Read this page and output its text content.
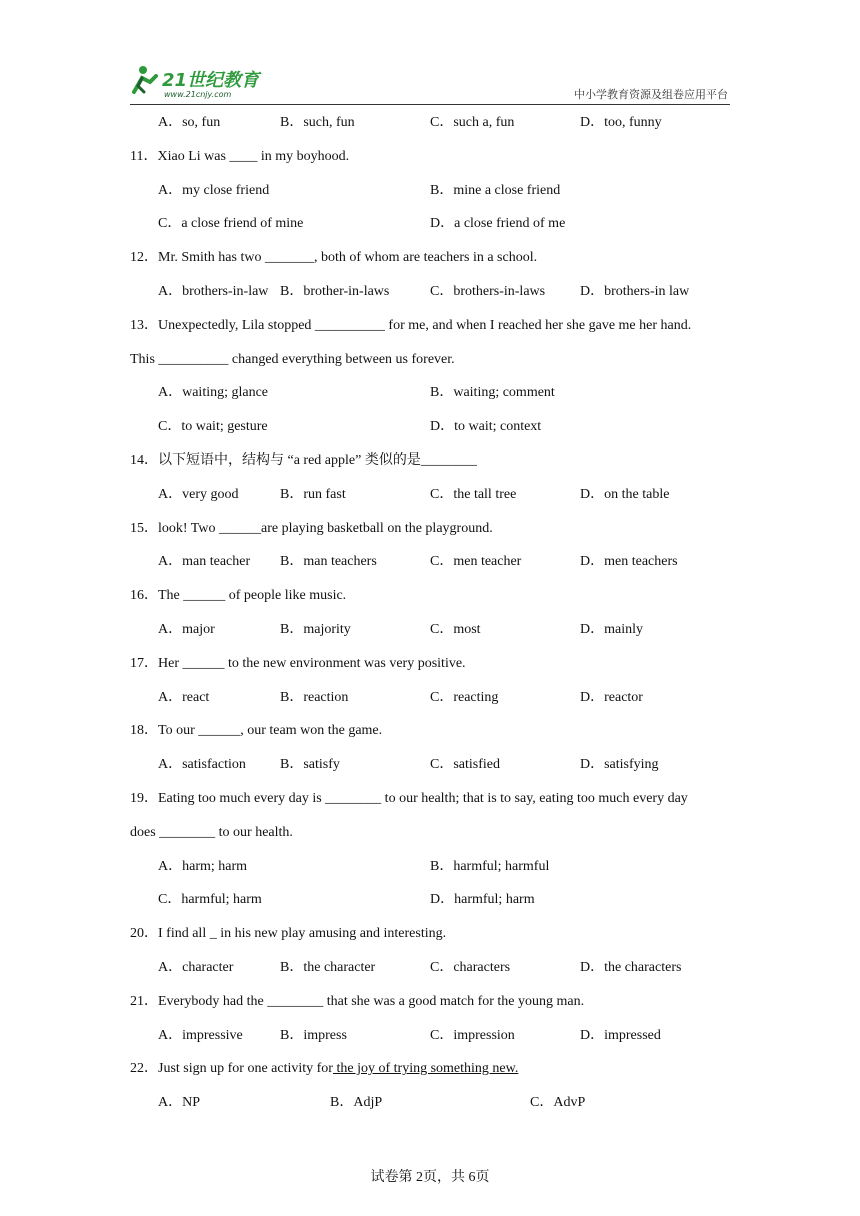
21世纪教育
www.21cnjy.com	中小学教育资源及组卷应用平台
A．so, fun	B．such, fun	C．such a, fun	D．too, funny
11．Xiao Li was ____ in my boyhood.
A．my close friend	B．mine a close friend
C．a close friend of mine	D．a close friend of me
12．Mr. Smith has two _______, both of whom are teachers in a school.
A．brothers-in-law B．brother-in-laws	C．brothers-in-laws D．brothers-in law
13．Unexpectedly, Lila stopped __________ for me, and when I reached her she gave me her hand.
This __________ changed everything between us forever.
A．waiting; glance	B．waiting; comment
C．to wait; gesture	D．to wait; context
14．以下短语中，结构与 “a red apple” 类似的是________
A．very good	B．run fast	C．the tall tree	D．on the table
15．look! Two ______are playing basketball on the playground.
A．man teacher B．man teachers	C．men teacher	D．men teachers
16．The ______ of people like music.
A．major	B．majority	C．most	D．mainly
17．Her ______ to the new environment was very positive.
A．react	B．reaction	C．reacting	D．reactor
18．To our ______, our team won the game.
A．satisfaction B．satisfy	C．satisfied	D．satisfying
19．Eating too much every day is ________ to our health; that is to say, eating too much every day
does ________ to our health.
A．harm; harm	B．harmful; harmful
C．harmful; harm	D．harmful; harm
20．I find all _ in his new play amusing and interesting.
A．character	B．the character	C．characters	D．the characters
21．Everybody had the ________ that she was a good match for the young man.
A．impressive	B．impress	C．impression	D．impressed
22．Just sign up for one activity for the joy of trying something new.
A．NP	B．AdjP	C．AdvP
试卷第 2页，共 6页
